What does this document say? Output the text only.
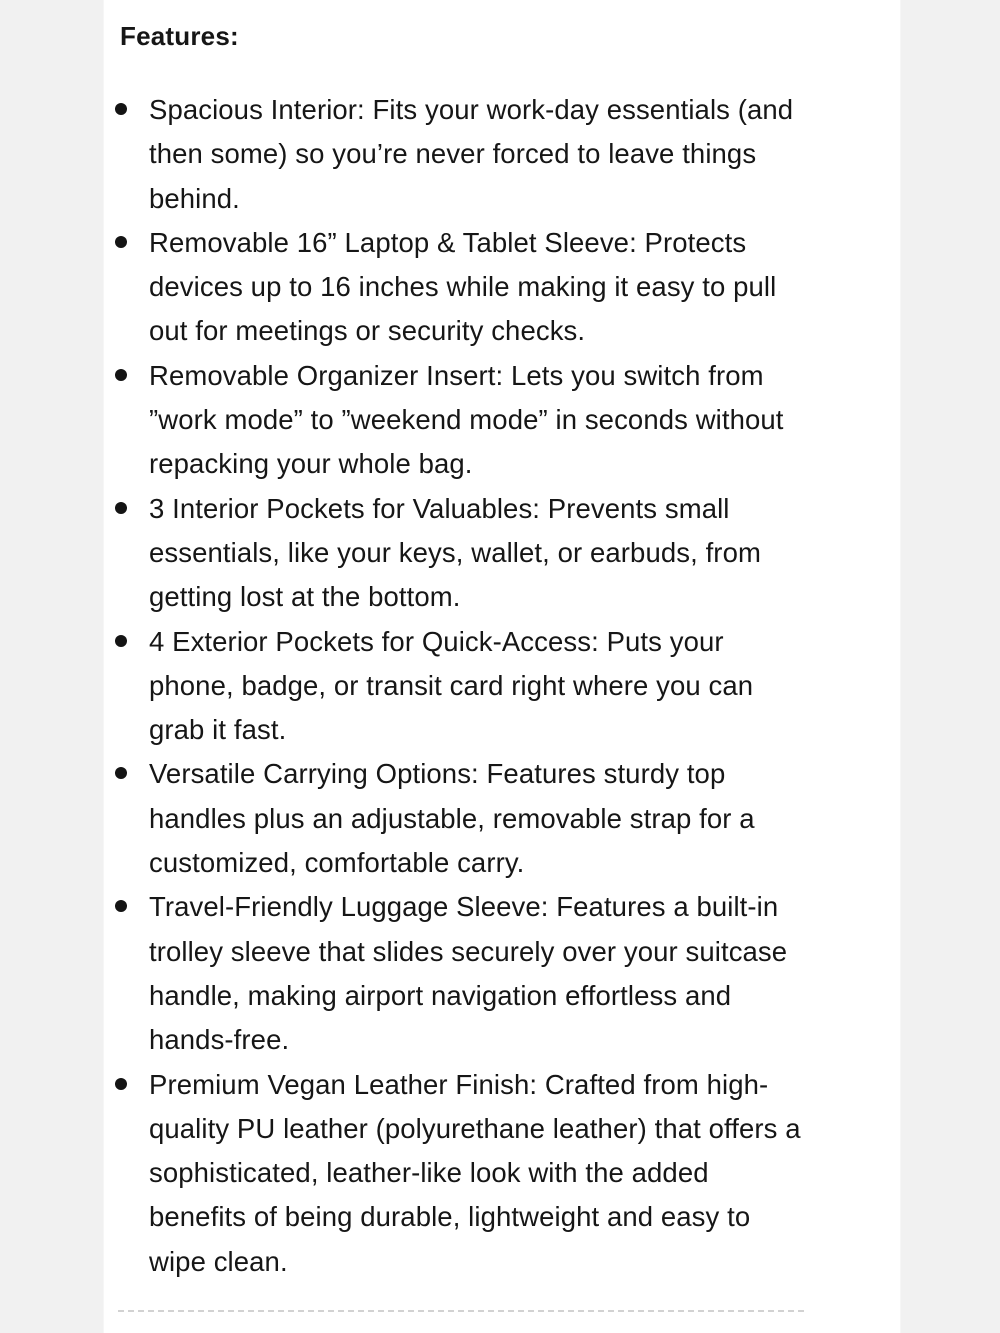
Features:
Spacious Interior: Fits your work-day essentials (and then some) so you’re never forced to leave things behind.
Removable 16” Laptop & Tablet Sleeve: Protects devices up to 16 inches while making it easy to pull out for meetings or security checks.
Removable Organizer Insert: Lets you switch from ”work mode” to ”weekend mode” in seconds without repacking your whole bag.
3 Interior Pockets for Valuables: Prevents small essentials, like your keys, wallet, or earbuds, from getting lost at the bottom.
4 Exterior Pockets for Quick-Access: Puts your phone, badge, or transit card right where you can grab it fast.
Versatile Carrying Options: Features sturdy top handles plus an adjustable, removable strap for a customized, comfortable carry.
Travel-Friendly Luggage Sleeve: Features a built-in trolley sleeve that slides securely over your suitcase handle, making airport navigation effortless and hands-free.
Premium Vegan Leather Finish: Crafted from high-quality PU leather (polyurethane leather) that offers a sophisticated, leather-like look with the added benefits of being durable, lightweight and easy to wipe clean.
